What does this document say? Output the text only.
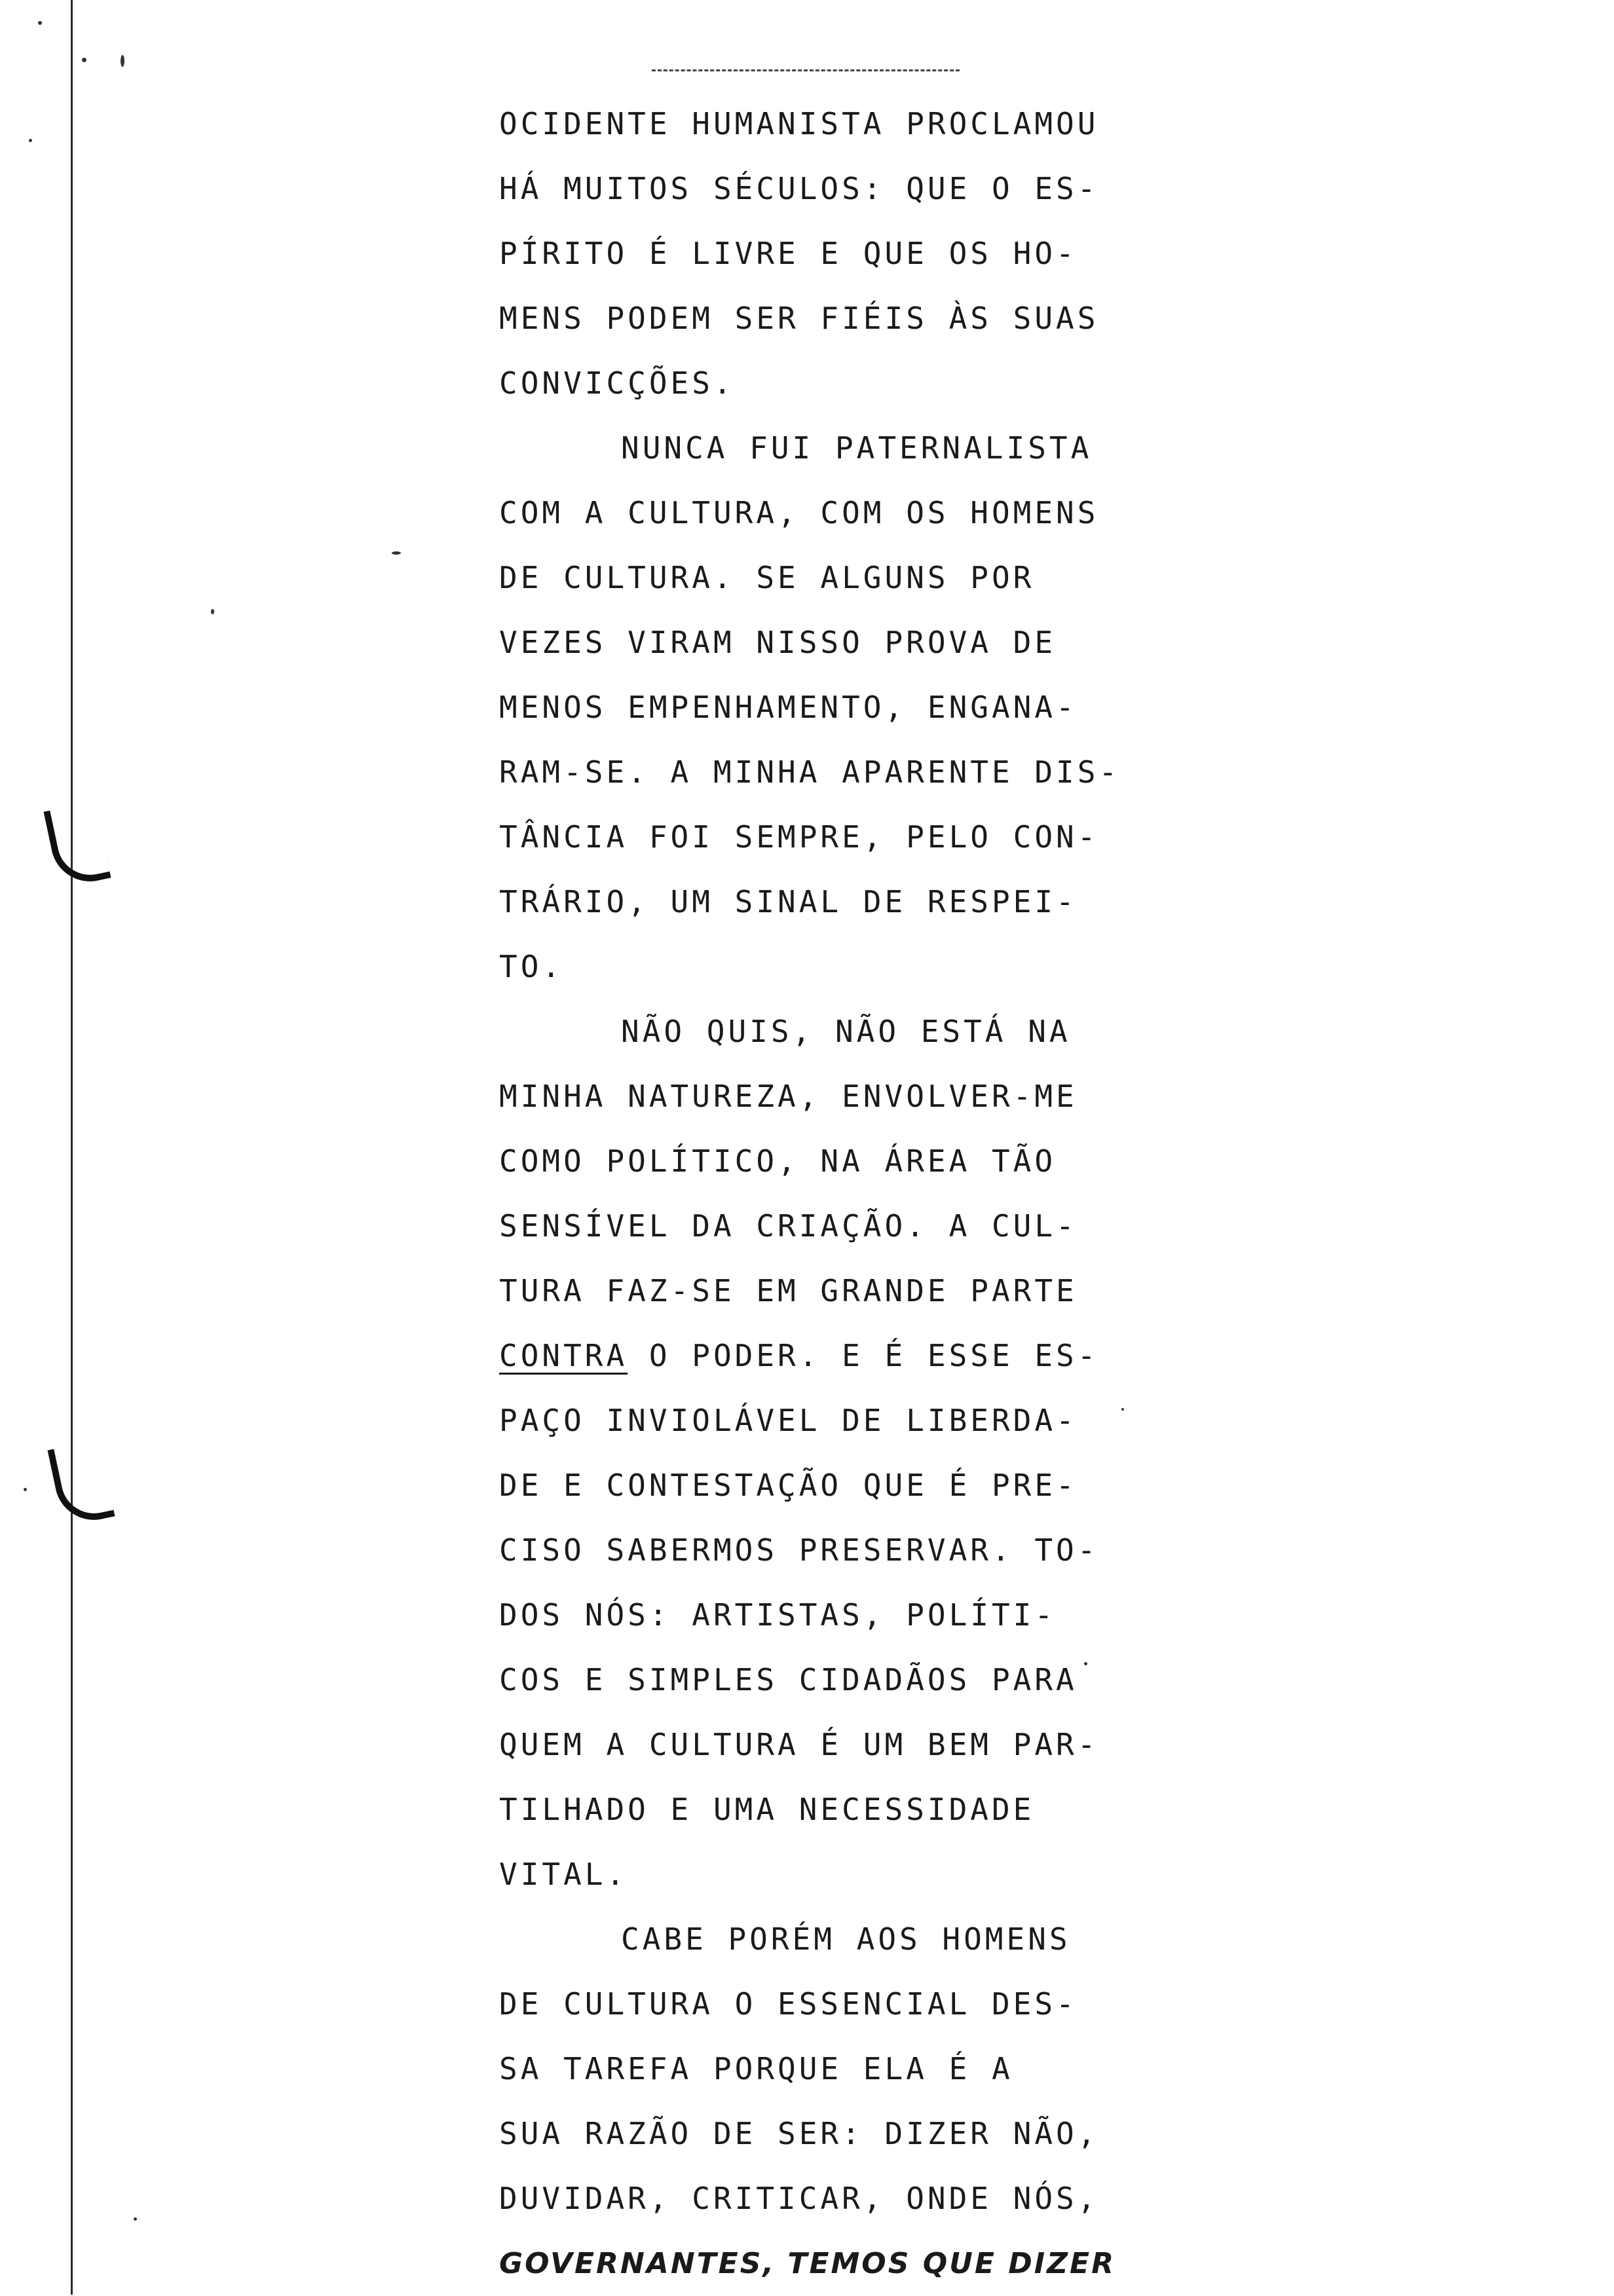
OCIDENTE HUMANISTA PROCLAMOU
HÁ MUITOS SÉCULOS: QUE O ES-
PÍRITO É LIVRE E QUE OS HO-
MENS PODEM SER FIÉIS ÀS SUAS
CONVICÇÕES.
NUNCA FUI PATERNALISTA
COM A CULTURA, COM OS HOMENS
DE CULTURA. SE ALGUNS POR
VEZES VIRAM NISSO PROVA DE
MENOS EMPENHAMENTO, ENGANA-
RAM-SE. A MINHA APARENTE DIS-
TÂNCIA FOI SEMPRE, PELO CON-
TRÁRIO, UM SINAL DE RESPEI-
TO.
NÃO QUIS, NÃO ESTÁ NA
MINHA NATUREZA, ENVOLVER-ME
COMO POLÍTICO, NA ÁREA TÃO
SENSÍVEL DA CRIAÇÃO. A CUL-
TURA FAZ-SE EM GRANDE PARTE
CONTRA O PODER. E É ESSE ES-
PAÇO INVIOLÁVEL DE LIBERDA-
DE E CONTESTAÇÃO QUE É PRE-
CISO SABERMOS PRESERVAR. TO-
DOS NÓS: ARTISTAS, POLÍTI-
COS E SIMPLES CIDADÃOS PARA
QUEM A CULTURA É UM BEM PAR-
TILHADO E UMA NECESSIDADE
VITAL.
CABE PORÉM AOS HOMENS
DE CULTURA O ESSENCIAL DES-
SA TAREFA PORQUE ELA É A
SUA RAZÃO DE SER: DIZER NÃO,
DUVIDAR, CRITICAR, ONDE NÓS,
GOVERNANTES, TEMOS QUE DIZER
